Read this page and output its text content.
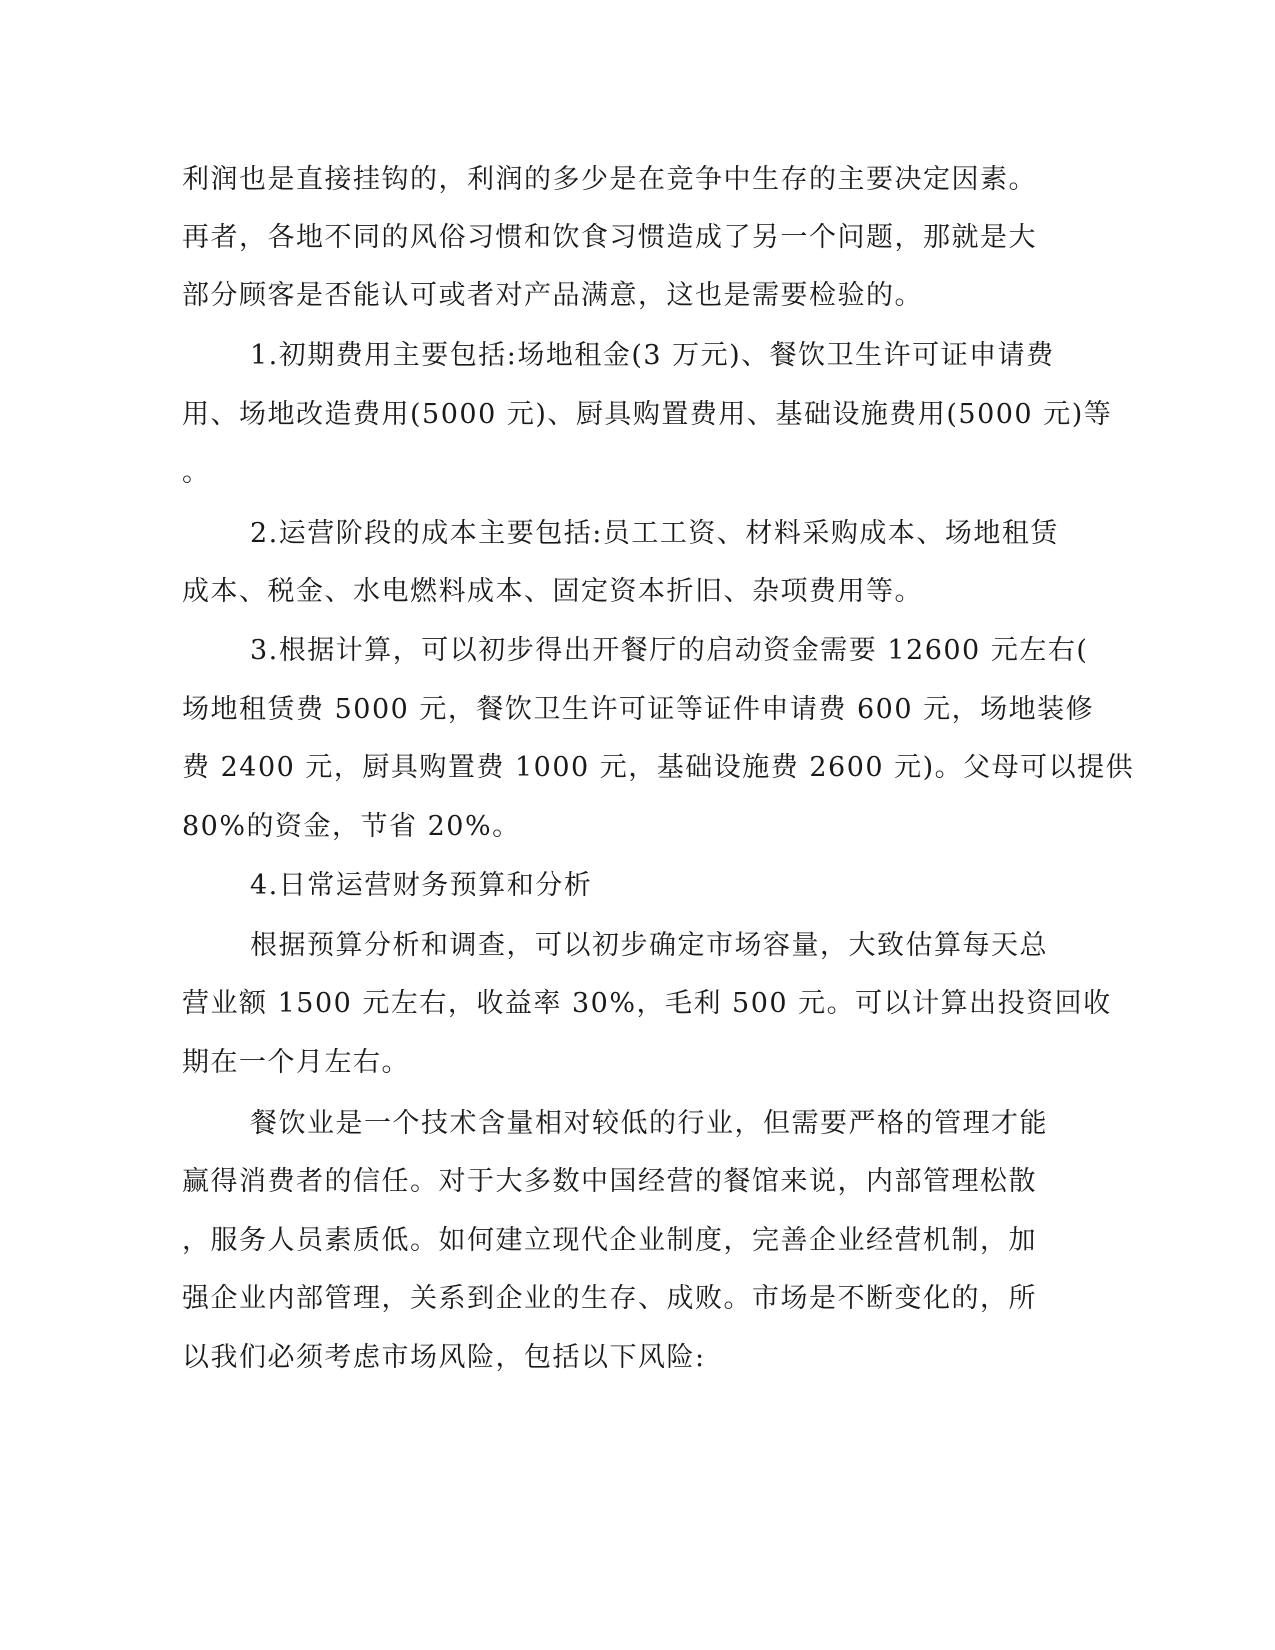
利润也是直接挂钩的，利润的多少是在竞争中生存的主要决定因素。

再者，各地不同的风俗习惯和饮食习惯造成了另一个问题，那就是大

部分顾客是否能认可或者对产品满意，这也是需要检验的。

1.初期费用主要包括:场地租金(3 万元)、餐饮卫生许可证申请费

用、场地改造费用(5000 元)、厨具购置费用、基础设施费用(5000 元)等

。

2.运营阶段的成本主要包括:员工工资、材料采购成本、场地租赁

成本、税金、水电燃料成本、固定资本折旧、杂项费用等。

3.根据计算，可以初步得出开餐厅的启动资金需要 12600 元左右(

场地租赁费 5000 元，餐饮卫生许可证等证件申请费 600 元，场地装修

费 2400 元，厨具购置费 1000 元，基础设施费 2600 元)。父母可以提供

80%的资金，节省 20%。

4.日常运营财务预算和分析

根据预算分析和调查，可以初步确定市场容量，大致估算每天总

营业额 1500 元左右，收益率 30%，毛利 500 元。可以计算出投资回收

期在一个月左右。

餐饮业是一个技术含量相对较低的行业，但需要严格的管理才能

赢得消费者的信任。对于大多数中国经营的餐馆来说，内部管理松散

，服务人员素质低。如何建立现代企业制度，完善企业经营机制，加

强企业内部管理，关系到企业的生存、成败。市场是不断变化的，所

以我们必须考虑市场风险，包括以下风险:
